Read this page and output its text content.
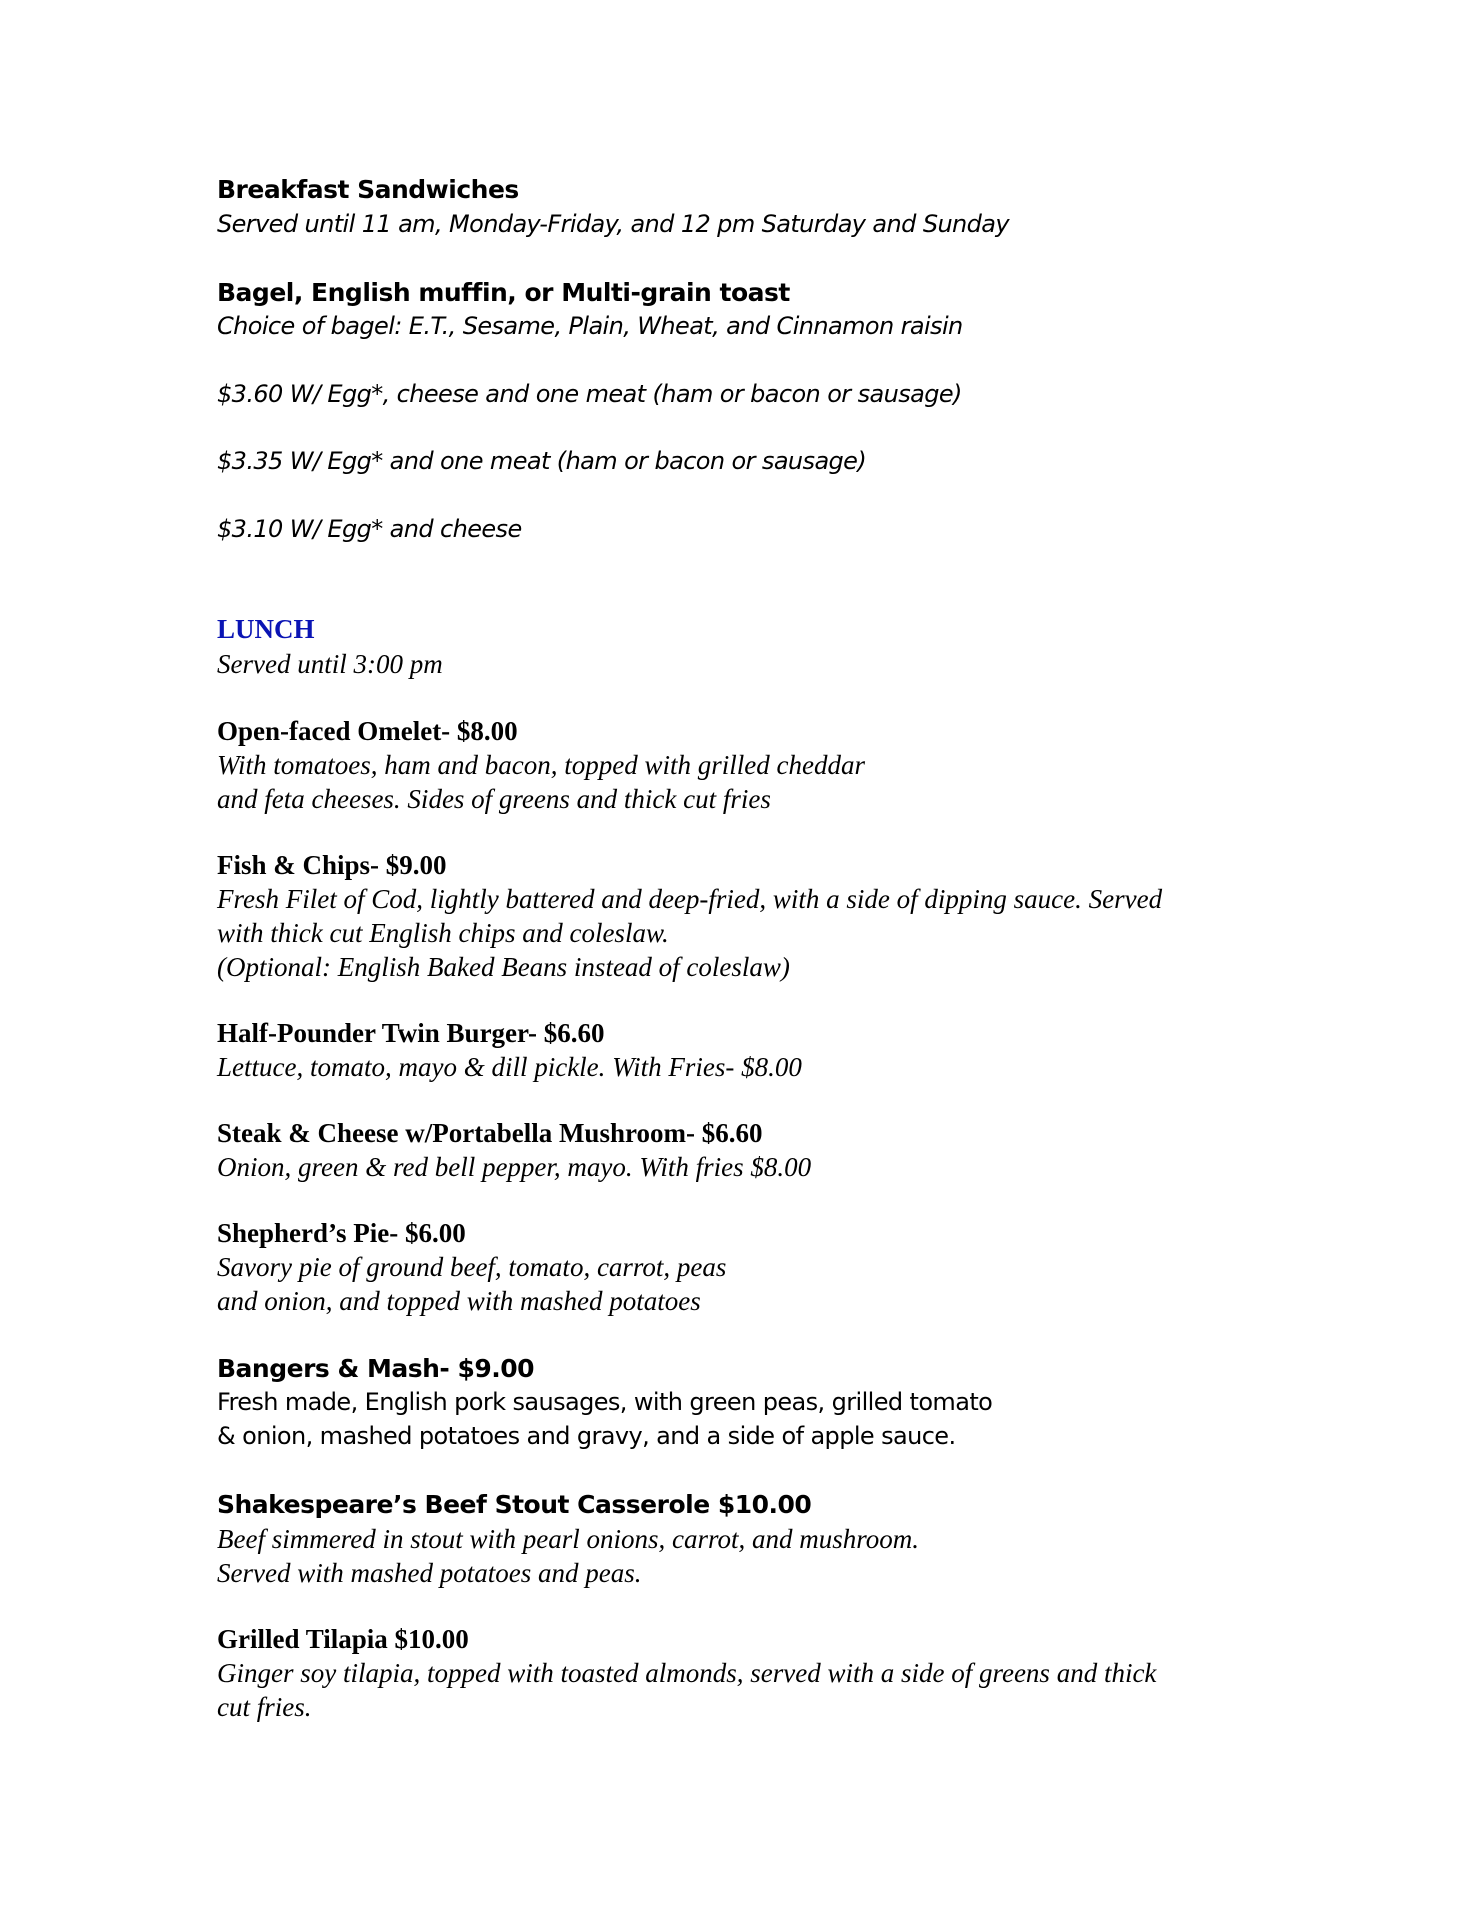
Breakfast Sandwiches
Served until 11 am, Monday-Friday, and 12 pm Saturday and Sunday
Bagel, English muffin, or Multi-grain toast
Choice of bagel: E.T., Sesame, Plain, Wheat, and Cinnamon raisin
$3.60 W/ Egg*, cheese and one meat (ham or bacon or sausage)
$3.35 W/ Egg* and one meat (ham or bacon or sausage)
$3.10 W/ Egg* and cheese
LUNCH
Served until 3:00 pm
Open-faced Omelet- $8.00
With tomatoes, ham and bacon, topped with grilled cheddar
and feta cheeses. Sides of greens and thick cut fries
Fish & Chips- $9.00
Fresh Filet of Cod, lightly battered and deep-fried, with a side of dipping sauce. Served
with thick cut English chips and coleslaw.
(Optional: English Baked Beans instead of coleslaw)
Half-Pounder Twin Burger- $6.60
Lettuce, tomato, mayo & dill pickle. With Fries- $8.00
Steak & Cheese w/Portabella Mushroom- $6.60
Onion, green & red bell pepper, mayo. With fries $8.00
Shepherd’s Pie- $6.00
Savory pie of ground beef, tomato, carrot, peas
and onion, and topped with mashed potatoes
Bangers & Mash- $9.00
Fresh made, English pork sausages, with green peas, grilled tomato
& onion, mashed potatoes and gravy, and a side of apple sauce.
Shakespeare’s Beef Stout Casserole $10.00
Beef simmered in stout with pearl onions, carrot, and mushroom.
Served with mashed potatoes and peas.
Grilled Tilapia $10.00
Ginger soy tilapia, topped with toasted almonds, served with a side of greens and thick
cut fries.
